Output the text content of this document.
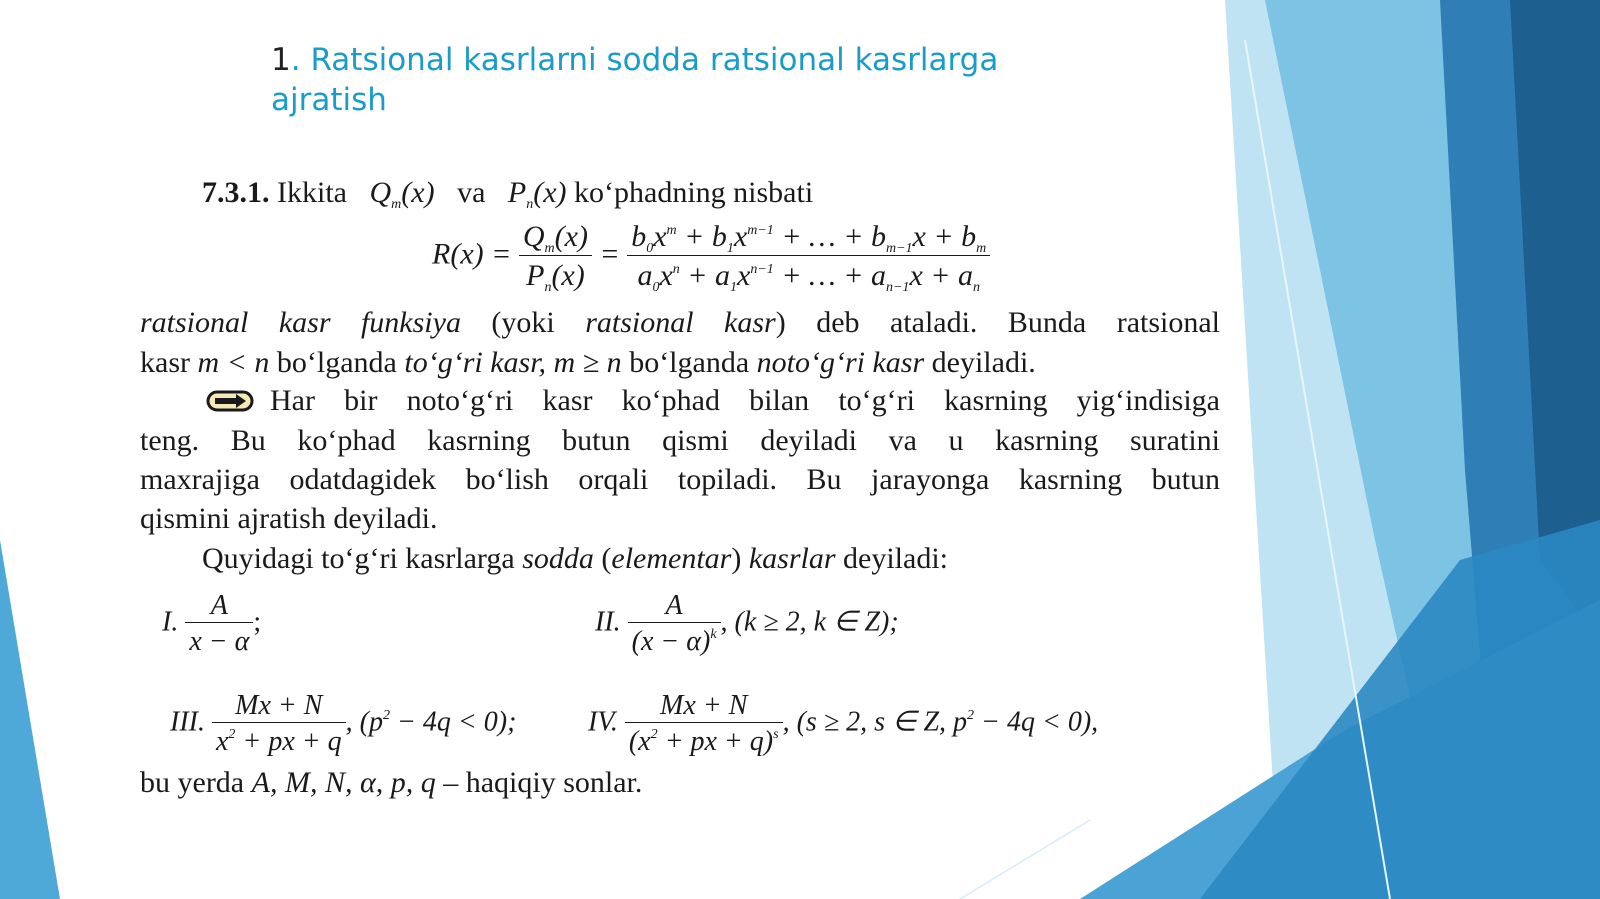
1. Ratsional kasrlarni sodda ratsional kasrlarga ajratish
7.3.1. Ikkita $Q_m(x)$ va $P_n(x)$ ko‘phadning nisbati
$R(x) = \frac{Q_m(x)}{P_n(x)} = \frac{b_0x^m + b_1x^{m-1} + \dots + b_{m-1}x + b_m}{a_0x^n + a_1x^{n-1} + \dots + a_{n-1}x + a_n}$
ratsional kasr funksiya (yoki ratsional kasr) deb ataladi. Bunda ratsional
kasr m < n bo‘lganda to‘g‘ri kasr, m ≥ n bo‘lganda noto‘g‘ri kasr deyiladi.
Har bir noto‘g‘ri kasr ko‘phad bilan to‘g‘ri kasrning yig‘indisiga
teng. Bu ko‘phad kasrning butun qismi deyiladi va u kasrning suratini
maxrajiga odatdagidek bo‘lish orqali topiladi. Bu jarayonga kasrning butun
qismini ajratish deyiladi.
Quyidagi to‘g‘ri kasrlarga sodda (elementar) kasrlar deyiladi:
I. $\frac{A}{x - \alpha}$ ;	II. $\frac{A}{(x - \alpha)^k}$ , (k ≥ 2, k ∈ Z);
III. $\frac{Mx + N}{x^2 + px + q}$ , $(p^2 - 4q < 0)$;	IV. $\frac{Mx + N}{(x^2 + px + q)^s}$ , (s ≥ 2, s ∈ Z, $p^2 - 4q < 0$),
bu yerda A, M, N, α, p, q – haqiqiy sonlar.
